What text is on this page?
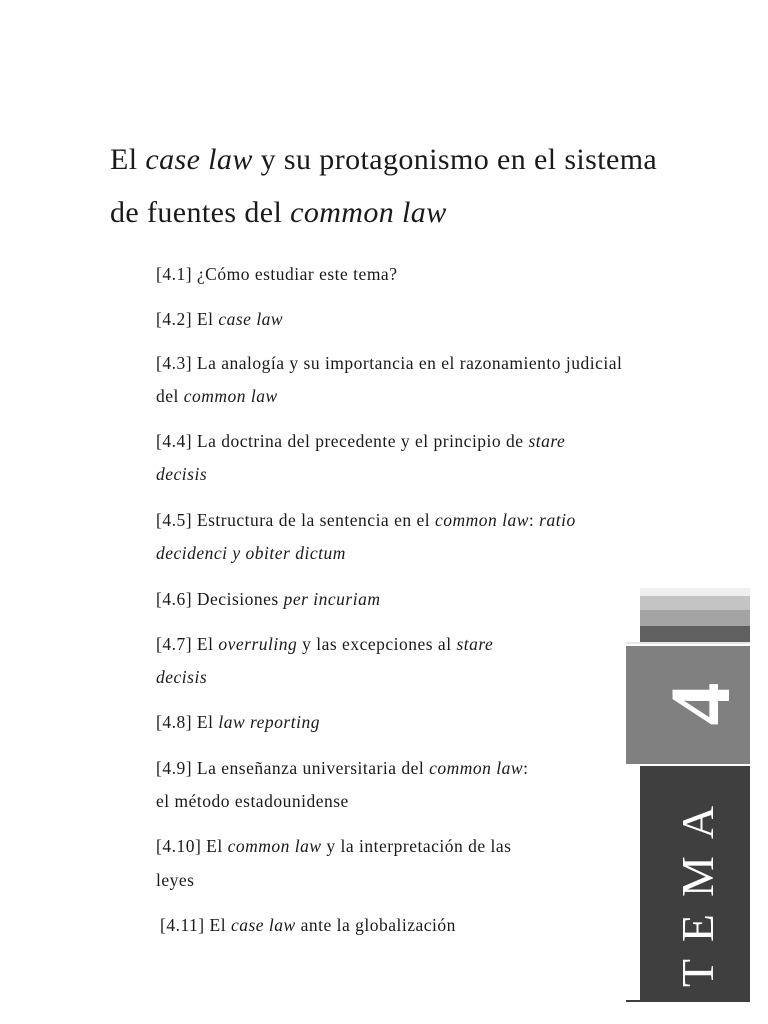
El case law y su protagonismo en el sistema
de fuentes del common law
[4.1] ¿Cómo estudiar este tema?
[4.2] El case law
[4.3] La analogía y su importancia en el razonamiento judicial
del common law
[4.4] La doctrina del precedente y el principio de stare
decisis
[4.5] Estructura de la sentencia en el common law: ratio
decidenci y obiter dictum
[4.6] Decisiones per incuriam
[4.7] El overruling y las excepciones al stare
decisis
[4.8] El law reporting
[4.9] La enseñanza universitaria del common law:
el método estadounidense
[4.10] El common law y la interpretación de las
leyes
[4.11] El case law ante la globalización
4
TEMA
